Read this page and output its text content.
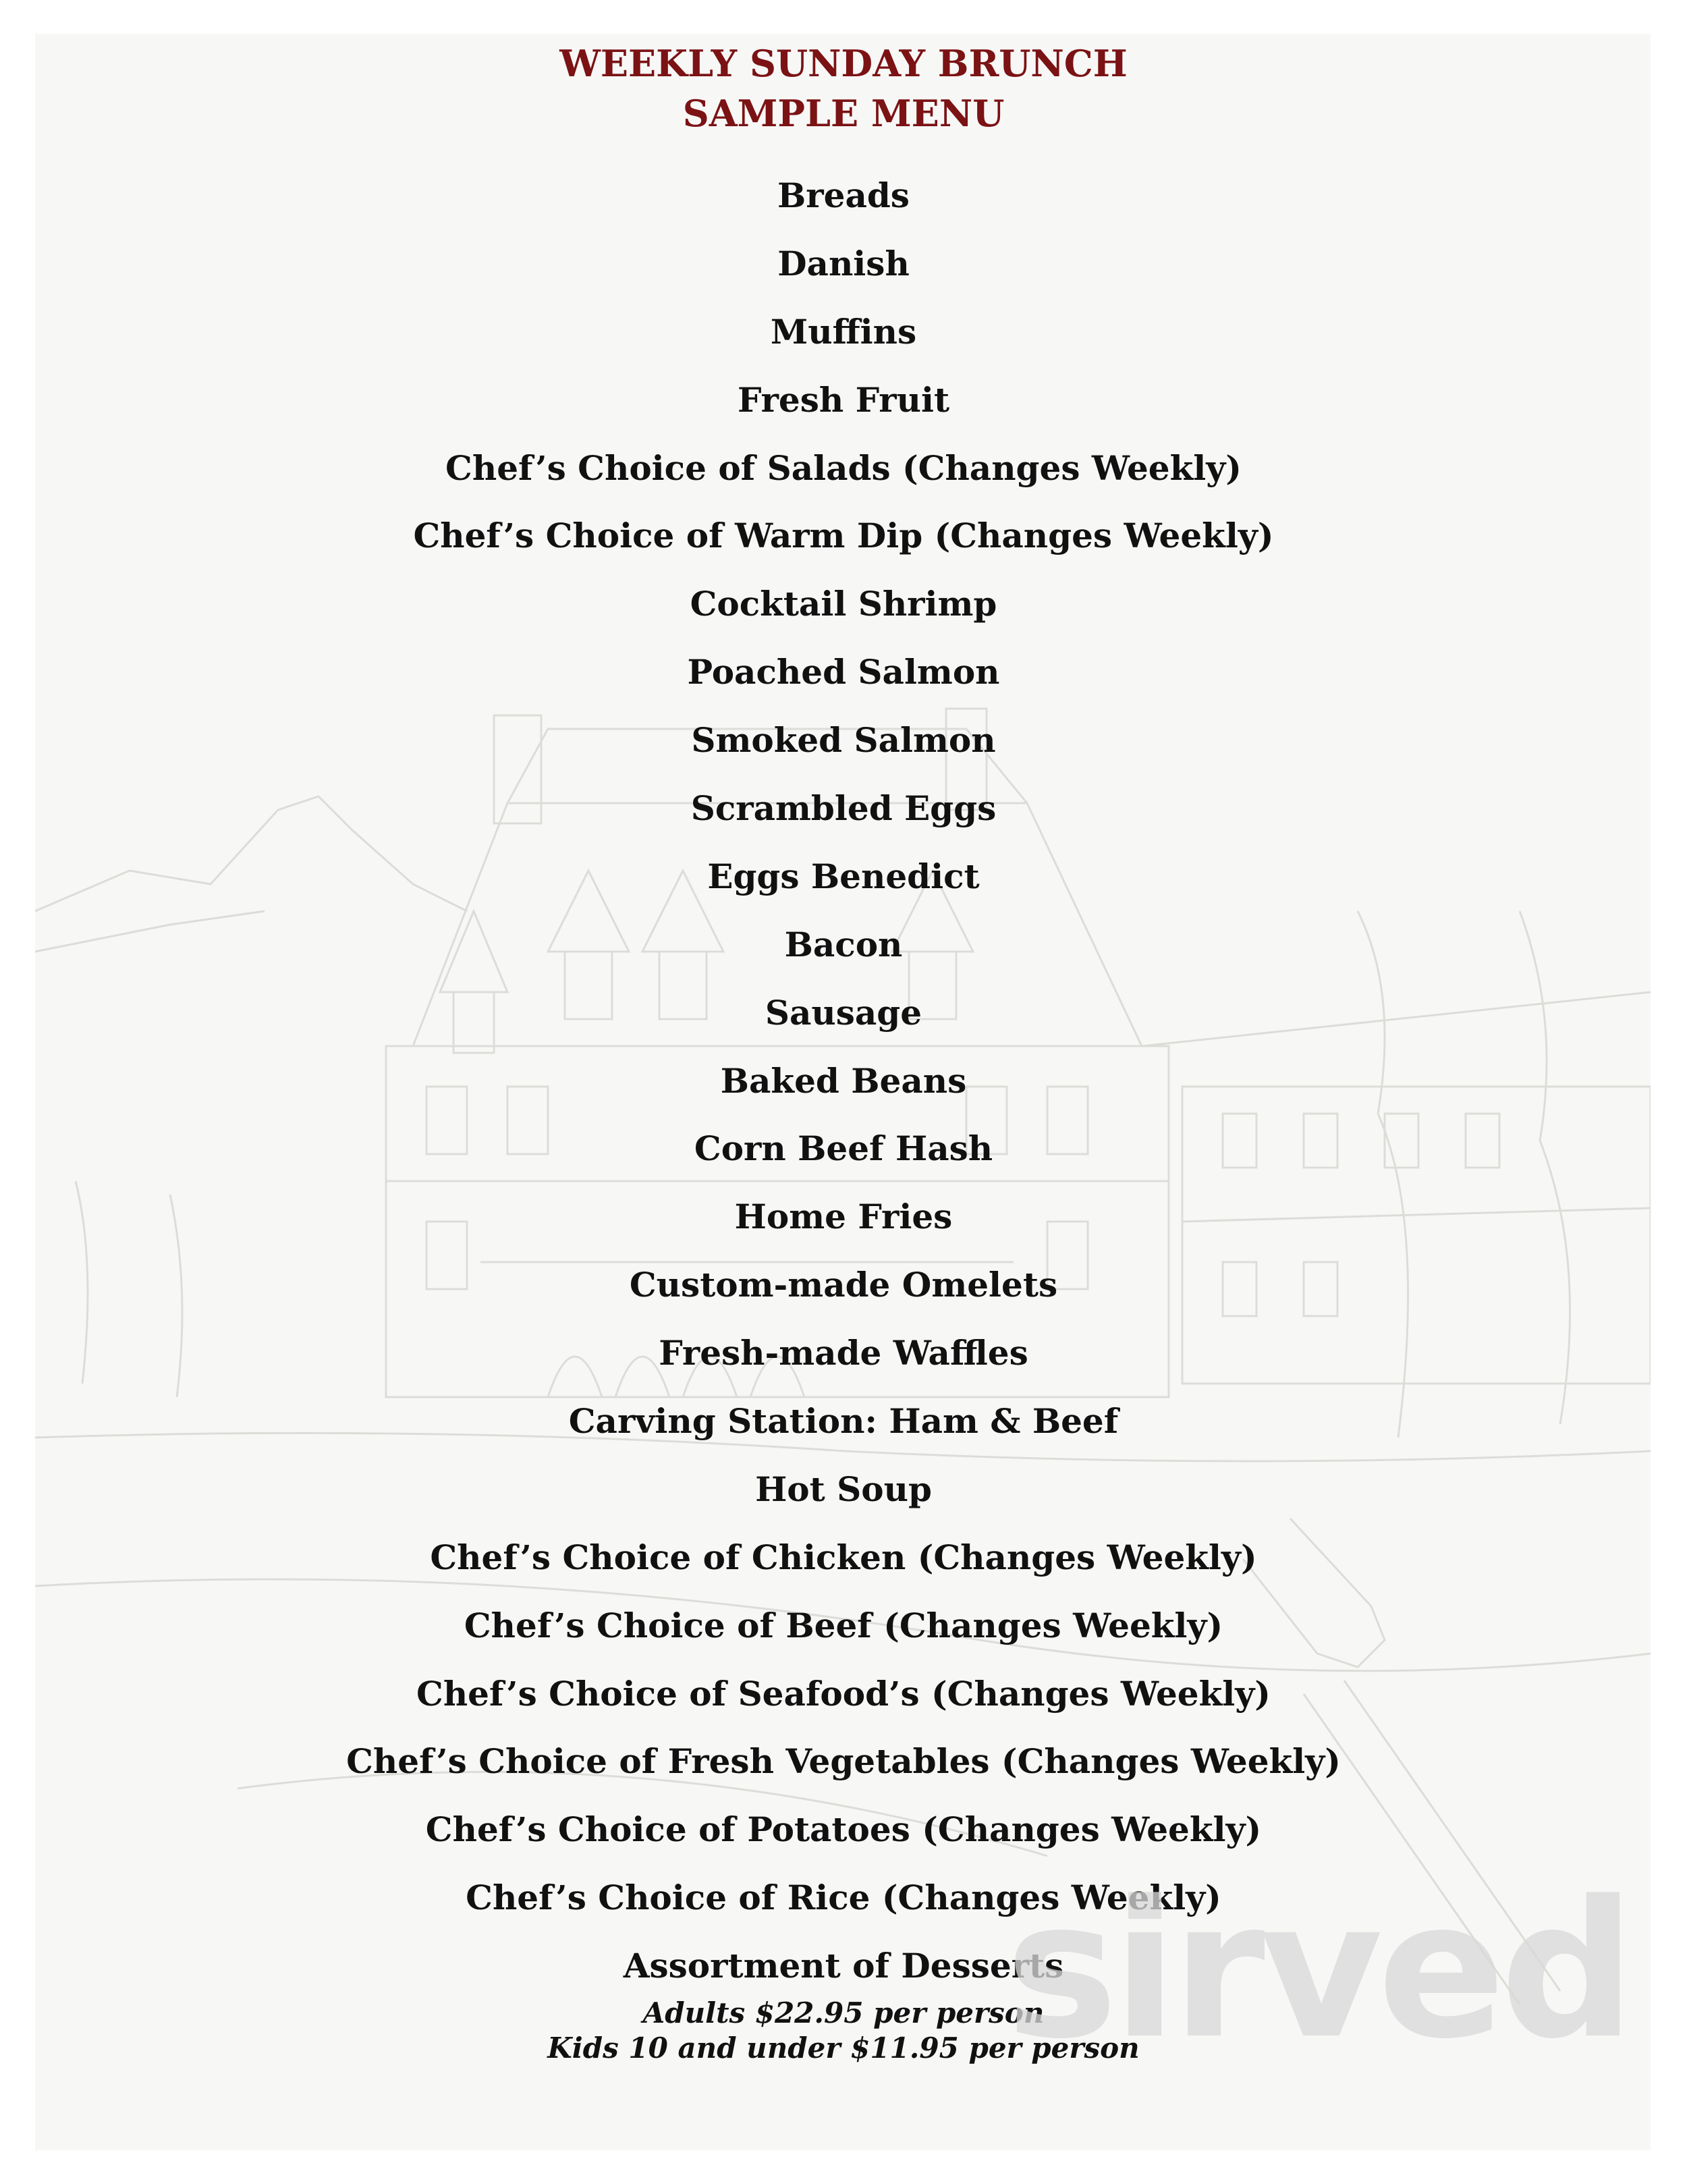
WEEKLY SUNDAY BRUNCH
SAMPLE MENU
Breads
Danish
Muffins
Fresh Fruit
Chef’s Choice of Salads (Changes Weekly)
Chef’s Choice of Warm Dip (Changes Weekly)
Cocktail Shrimp
Poached Salmon
Smoked Salmon
Scrambled Eggs
Eggs Benedict
Bacon
Sausage
Baked Beans
Corn Beef Hash
Home Fries
Custom-made Omelets
Fresh-made Waffles
Carving Station: Ham & Beef
Hot Soup
Chef’s Choice of Chicken (Changes Weekly)
Chef’s Choice of Beef (Changes Weekly)
Chef’s Choice of Seafood’s (Changes Weekly)
Chef’s Choice of Fresh Vegetables (Changes Weekly)
Chef’s Choice of Potatoes (Changes Weekly)
Chef’s Choice of Rice (Changes Weekly)
Assortment of Desserts
Adults $22.95 per person
Kids 10 and under $11.95 per person
sirved
